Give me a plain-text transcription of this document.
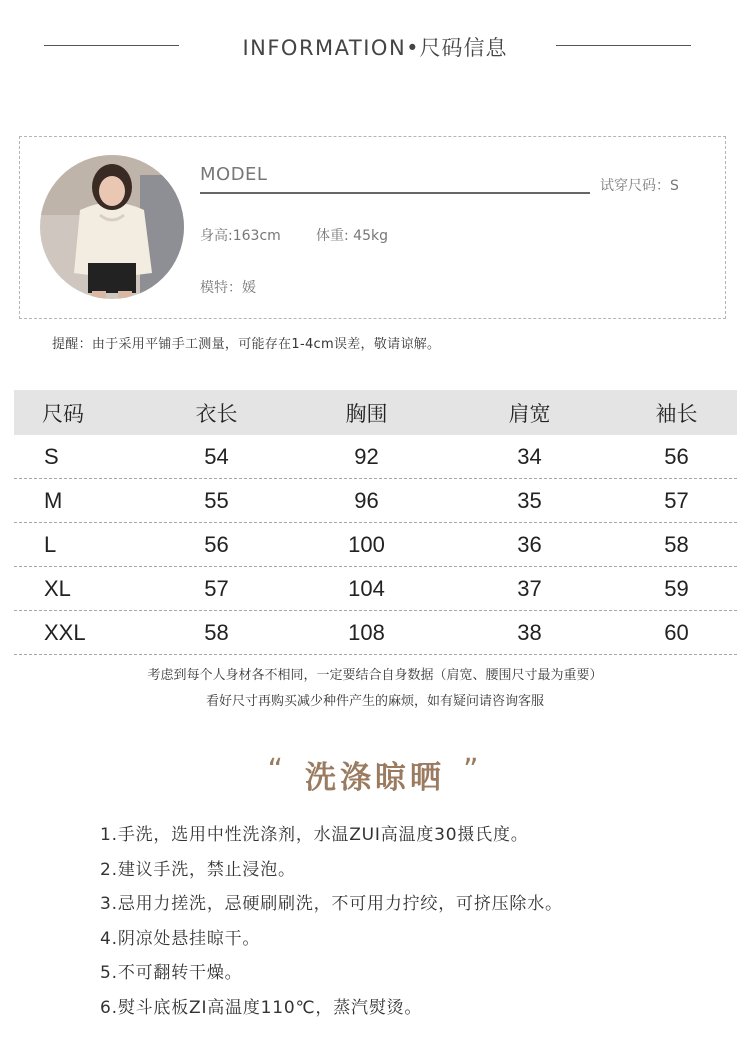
INFORMATION•尺码信息
MODEL
试穿尺码：S
身高:163cm	体重: 45kg
模特：媛
提醒：由于采用平铺手工测量，可能存在1-4cm误差，敬请谅解。
尺码	衣长	胸围	肩宽	袖长
S	54	92	34	56
M	55	96	35	57
L	56	100	36	58
XL	57	104	37	59
XXL	58	108	38	60
考虑到每个人身材各不相同，一定要结合自身数据（肩宽、腰围尺寸最为重要）
看好尺寸再购买减少种件产生的麻烦，如有疑问请咨询客服
“ 洗涤晾晒 ”
1.手洗，选用中性洗涤剂，水温ZUI高温度30摄氏度。
2.建议手洗，禁止浸泡。
3.忌用力搓洗，忌硬刷刷洗，不可用力拧绞，可挤压除水。
4.阴凉处悬挂晾干。
5.不可翻转干燥。
6.熨斗底板ZI高温度110℃，蒸汽熨烫。
